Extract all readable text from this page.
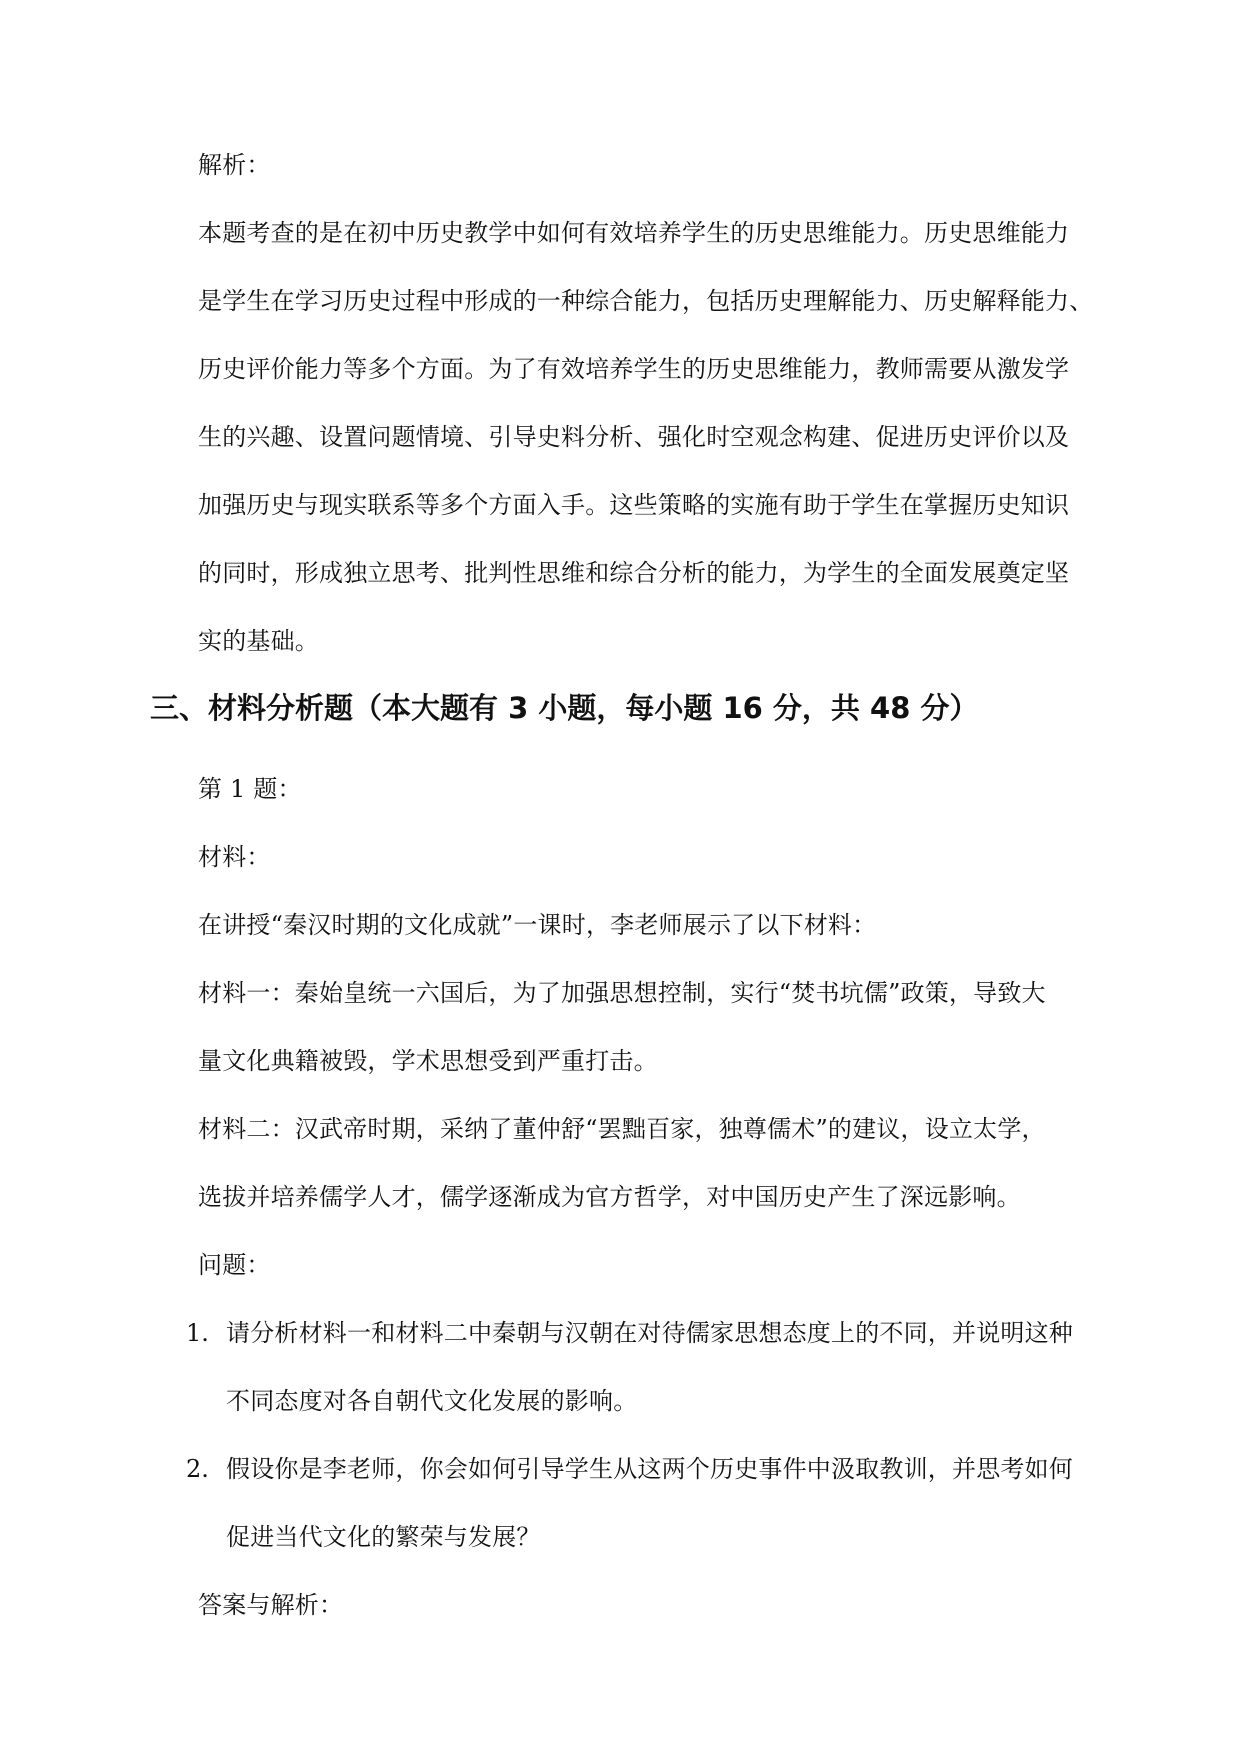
解析：
本题考查的是在初中历史教学中如何有效培养学生的历史思维能力。历史思维能力
是学生在学习历史过程中形成的一种综合能力，包括历史理解能力、历史解释能力、
历史评价能力等多个方面。为了有效培养学生的历史思维能力，教师需要从激发学
生的兴趣、设置问题情境、引导史料分析、强化时空观念构建、促进历史评价以及
加强历史与现实联系等多个方面入手。这些策略的实施有助于学生在掌握历史知识
的同时，形成独立思考、批判性思维和综合分析的能力，为学生的全面发展奠定坚
实的基础。
三、材料分析题（本大题有 3 小题，每小题 16 分，共 48 分）
第 1 题：
材料：
在讲授“秦汉时期的文化成就”一课时，李老师展示了以下材料：
材料一：秦始皇统一六国后，为了加强思想控制，实行“焚书坑儒”政策，导致大
量文化典籍被毁，学术思想受到严重打击。
材料二：汉武帝时期，采纳了董仲舒“罢黜百家，独尊儒术”的建议，设立太学，
选拔并培养儒学人才，儒学逐渐成为官方哲学，对中国历史产生了深远影响。
问题：
1. 请分析材料一和材料二中秦朝与汉朝在对待儒家思想态度上的不同，并说明这种
不同态度对各自朝代文化发展的影响。
2. 假设你是李老师，你会如何引导学生从这两个历史事件中汲取教训，并思考如何
促进当代文化的繁荣与发展？
答案与解析：
